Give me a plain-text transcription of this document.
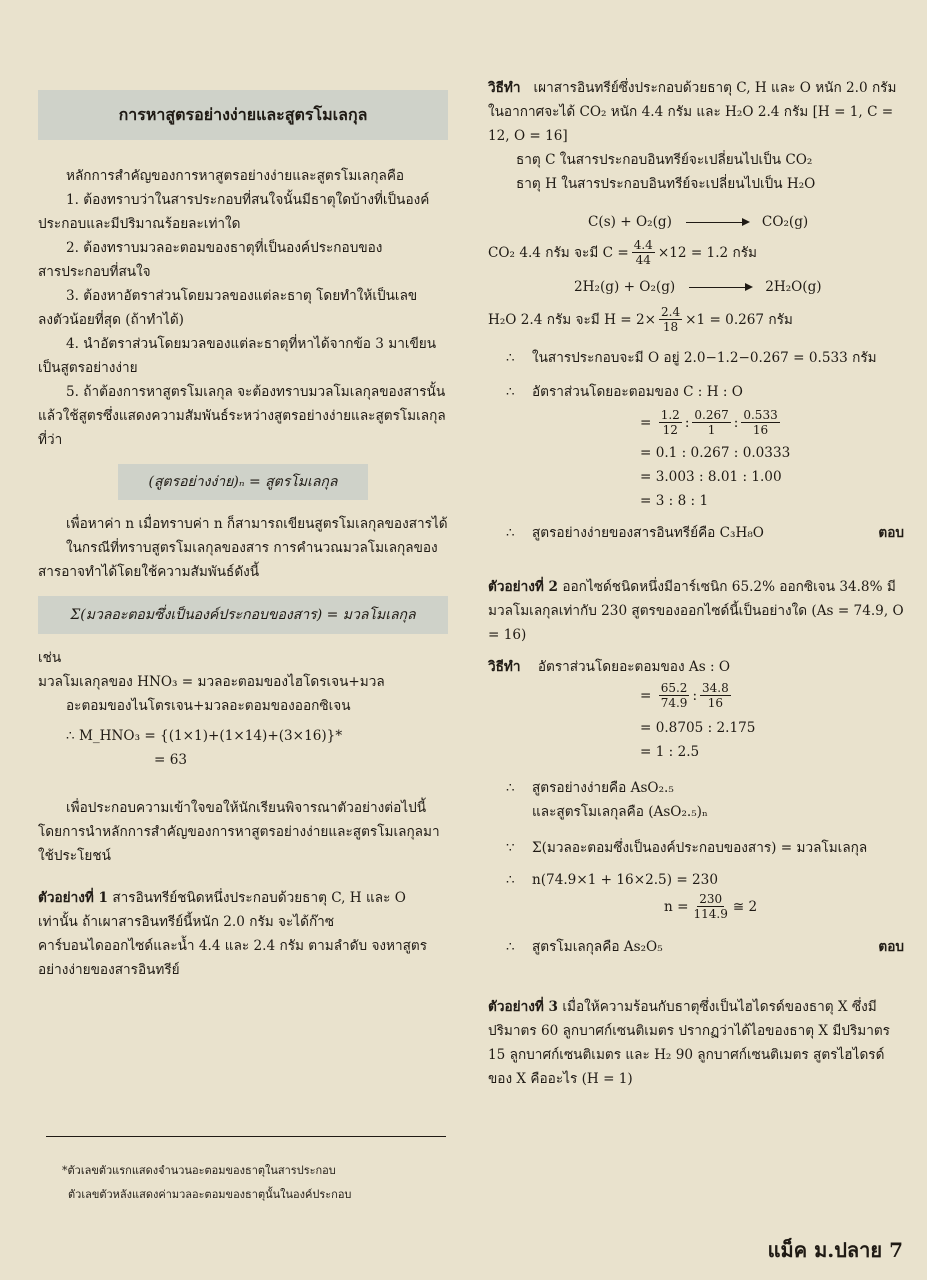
การหาสูตรอย่างง่ายและสูตรโมเลกุล

หลักการสำคัญของการหาสูตรอย่างง่ายและสูตรโมเลกุลคือ

1. ต้องทราบว่าในสารประกอบที่สนใจนั้นมีธาตุใดบ้างที่เป็นองค์ประกอบและมีปริมาณร้อยละเท่าใด

2. ต้องทราบมวลอะตอมของธาตุที่เป็นองค์ประกอบของสารประกอบที่สนใจ

3. ต้องหาอัตราส่วนโดยมวลของแต่ละธาตุ โดยทำให้เป็นเลขลงตัวน้อยที่สุด (ถ้าทำได้)

4. นำอัตราส่วนโดยมวลของแต่ละธาตุที่หาได้จากข้อ 3 มาเขียนเป็นสูตรอย่างง่าย

5. ถ้าต้องการหาสูตรโมเลกุล จะต้องทราบมวลโมเลกุลของสารนั้น แล้วใช้สูตรซึ่งแสดงความสัมพันธ์ระหว่างสูตรอย่างง่ายและสูตรโมเลกุล ที่ว่า

(สูตรอย่างง่าย)ₙ = สูตรโมเลกุล

เพื่อหาค่า n เมื่อทราบค่า n ก็สามารถเขียนสูตรโมเลกุลของสารได้

ในกรณีที่ทราบสูตรโมเลกุลของสาร การคำนวณมวลโมเลกุลของสารอาจทำได้โดยใช้ความสัมพันธ์ดังนี้

Σ(มวลอะตอมซึ่งเป็นองค์ประกอบของสาร) = มวลโมเลกุล

เช่น

มวลโมเลกุลของ HNO₃ = มวลอะตอมของไฮโดรเจน+มวล

อะตอมของไนโตรเจน+มวลอะตอมของออกซิเจน

∴ M_HNO₃ = {(1×1)+(1×14)+(3×16)}*

= 63

เพื่อประกอบความเข้าใจขอให้นักเรียนพิจารณาตัวอย่างต่อไปนี้ โดยการนำหลักการสำคัญของการหาสูตรอย่างง่ายและสูตรโมเลกุลมาใช้ประโยชน์

ตัวอย่างที่ 1 สารอินทรีย์ชนิดหนึ่งประกอบด้วยธาตุ C, H และ O เท่านั้น ถ้าเผาสารอินทรีย์นี้หนัก 2.0 กรัม จะได้ก๊าซคาร์บอนไดออกไซด์และน้ำ 4.4 และ 2.4 กรัม ตามลำดับ จงหาสูตรอย่างง่ายของสารอินทรีย์

*ตัวเลขตัวแรกแสดงจำนวนอะตอมของธาตุในสารประกอบ
ตัวเลขตัวหลังแสดงค่ามวลอะตอมของธาตุนั้นในองค์ประกอบ

วิธีทำ เผาสารอินทรีย์ซึ่งประกอบด้วยธาตุ C, H และ O หนัก 2.0 กรัม ในอากาศจะได้ CO₂ หนัก 4.4 กรัม และ H₂O 2.4 กรัม [H = 1, C = 12, O = 16]

ธาตุ C ในสารประกอบอินทรีย์จะเปลี่ยนไปเป็น CO₂

ธาตุ H ในสารประกอบอินทรีย์จะเปลี่ยนไปเป็น H₂O

C(s) + O₂(g)	CO₂(g)
CO₂ 4.4 กรัม จะมี $C = \frac{4.4}{44} \times 12 = 1.2$ กรัม
2H₂(g) + O₂(g)	2H₂O(g)
H₂O 2.4 กรัม จะมี $H = 2\times \frac{2.4}{18} \times 1 = 0.267$ กรัม

∴ ในสารประกอบจะมี O อยู่ 2.0−1.2−0.267 = 0.533 กรัม

∴ อัตราส่วนโดยอะตอมของ C : H : O

= $\frac{1.2}{12}$ : $\frac{0.267}{1}$ : $\frac{0.533}{16}$

= 0.1 : 0.267 : 0.0333

= 3.003 : 8.01 : 1.00

= 3 : 8 : 1

∴ สูตรอย่างง่ายของสารอินทรีย์คือ C₃H₈O	ตอบ

ตัวอย่างที่ 2 ออกไซด์ชนิดหนึ่งมีอาร์เซนิก 65.2% ออกซิเจน 34.8% มีมวลโมเลกุลเท่ากับ 230 สูตรของออกไซด์นี้เป็นอย่างใด (As = 74.9, O = 16)

วิธีทำ อัตราส่วนโดยอะตอมของ As : O

= $\frac{65.2}{74.9}$ : $\frac{34.8}{16}$

= 0.8705 : 2.175

= 1 : 2.5

∴ สูตรอย่างง่ายคือ AsO₂.₅

และสูตรโมเลกุลคือ (AsO₂.₅)ₙ

∵ Σ(มวลอะตอมซึ่งเป็นองค์ประกอบของสาร) = มวลโมเลกุล

∴ n(74.9×1 + 16×2.5) = 230

$n = \frac{230}{114.9}$ ≅ 2

∴ สูตรโมเลกุลคือ As₂O₅	ตอบ

ตัวอย่างที่ 3 เมื่อให้ความร้อนกับธาตุซึ่งเป็นไฮไดรด์ของธาตุ X ซึ่งมีปริมาตร 60 ลูกบาศก์เซนติเมตร ปรากฏว่าได้ไอของธาตุ X มีปริมาตร 15 ลูกบาศก์เซนติเมตร และ H₂ 90 ลูกบาศก์เซนติเมตร สูตรไฮไดรด์ของ X คืออะไร (H = 1)

แม็ค ม.ปลาย 7
